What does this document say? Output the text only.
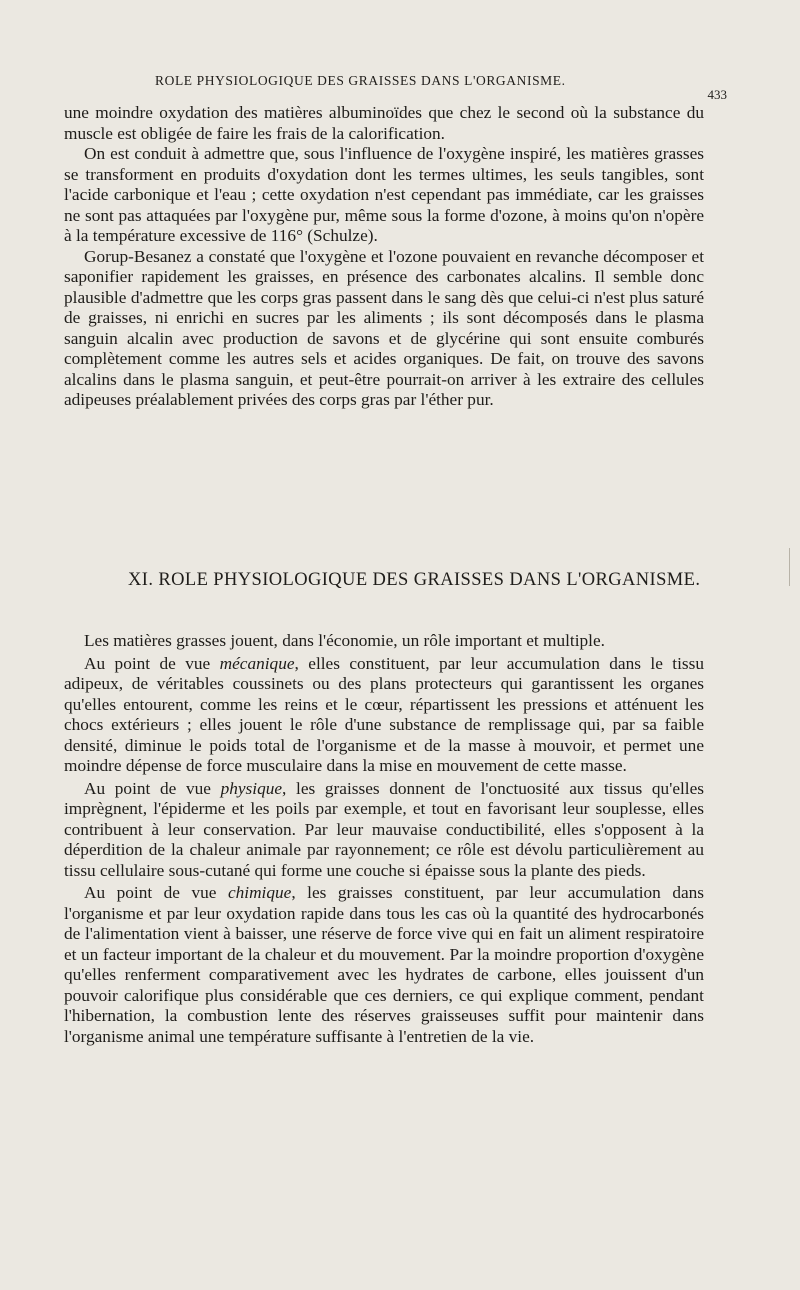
ROLE PHYSIOLOGIQUE DES GRAISSES DANS L'ORGANISME.
433

une moindre oxydation des matières albuminoïdes que chez le second où la substance du muscle est obligée de faire les frais de la calorification.

On est conduit à admettre que, sous l'influence de l'oxygène inspiré, les matières grasses se transforment en produits d'oxydation dont les termes ultimes, les seuls tangibles, sont l'acide carbonique et l'eau ; cette oxydation n'est cependant pas immédiate, car les graisses ne sont pas attaquées par l'oxygène pur, même sous la forme d'ozone, à moins qu'on n'opère à la température excessive de 116° (Schulze).

Gorup-Besanez a constaté que l'oxygène et l'ozone pouvaient en revanche décomposer et saponifier rapidement les graisses, en présence des carbonates alcalins. Il semble donc plausible d'admettre que les corps gras passent dans le sang dès que celui-ci n'est plus saturé de graisses, ni enrichi en sucres par les aliments ; ils sont décomposés dans le plasma sanguin alcalin avec production de savons et de glycérine qui sont ensuite comburés complètement comme les autres sels et acides organiques. De fait, on trouve des savons alcalins dans le plasma sanguin, et peut-être pourrait-on arriver à les extraire des cellules adipeuses préalablement privées des corps gras par l'éther pur.

XI. ROLE PHYSIOLOGIQUE DES GRAISSES DANS L'ORGANISME.

Les matières grasses jouent, dans l'économie, un rôle important et multiple.

Au point de vue mécanique, elles constituent, par leur accumulation dans le tissu adipeux, de véritables coussinets ou des plans protecteurs qui garantissent les organes qu'elles entourent, comme les reins et le cœur, répartissent les pressions et atténuent les chocs extérieurs ; elles jouent le rôle d'une substance de remplissage qui, par sa faible densité, diminue le poids total de l'organisme et de la masse à mouvoir, et permet une moindre dépense de force musculaire dans la mise en mouvement de cette masse.

Au point de vue physique, les graisses donnent de l'onctuosité aux tissus qu'elles imprègnent, l'épiderme et les poils par exemple, et tout en favorisant leur souplesse, elles contribuent à leur conservation. Par leur mauvaise conductibilité, elles s'opposent à la déperdition de la chaleur animale par rayonnement; ce rôle est dévolu particulièrement au tissu cellulaire sous-cutané qui forme une couche si épaisse sous la plante des pieds.

Au point de vue chimique, les graisses constituent, par leur accumulation dans l'organisme et par leur oxydation rapide dans tous les cas où la quantité des hydrocarbonés de l'alimentation vient à baisser, une réserve de force vive qui en fait un aliment respiratoire et un facteur important de la chaleur et du mouvement. Par la moindre proportion d'oxygène qu'elles renferment comparativement avec les hydrates de carbone, elles jouissent d'un pouvoir calorifique plus considérable que ces derniers, ce qui explique comment, pendant l'hibernation, la combustion lente des réserves graisseuses suffit pour maintenir dans l'organisme animal une température suffisante à l'entretien de la vie.
